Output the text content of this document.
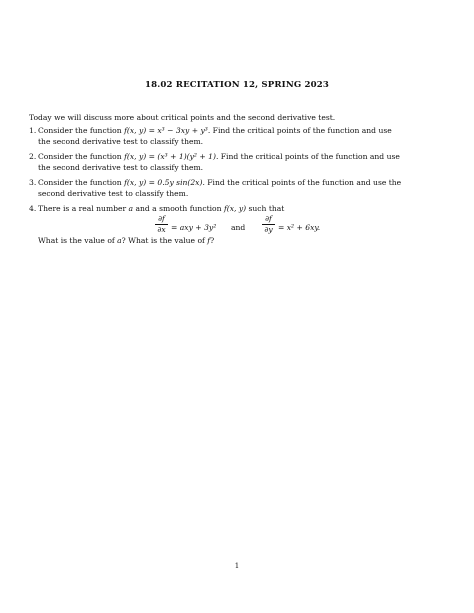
18.02 RECITATION 12, SPRING 2023
Today we will discuss more about critical points and the second derivative test.
1. Consider the function f(x, y) = x³ − 3xy + y³. Find the critical points of the function and use
the second derivative test to classify them.
2. Consider the function f(x, y) = (x³ + 1)(y² + 1). Find the critical points of the function and use
the second derivative test to classify them.
3. Consider the function f(x, y) = 0.5y sin(2x). Find the critical points of the function and use the
second derivative test to classify them.
4. There is a real number a and a smooth function f(x, y) such that
∂f
∂x = axy + 3y² and
∂f
∂y = x² + 6xy.
What is the value of a? What is the value of f?
1
